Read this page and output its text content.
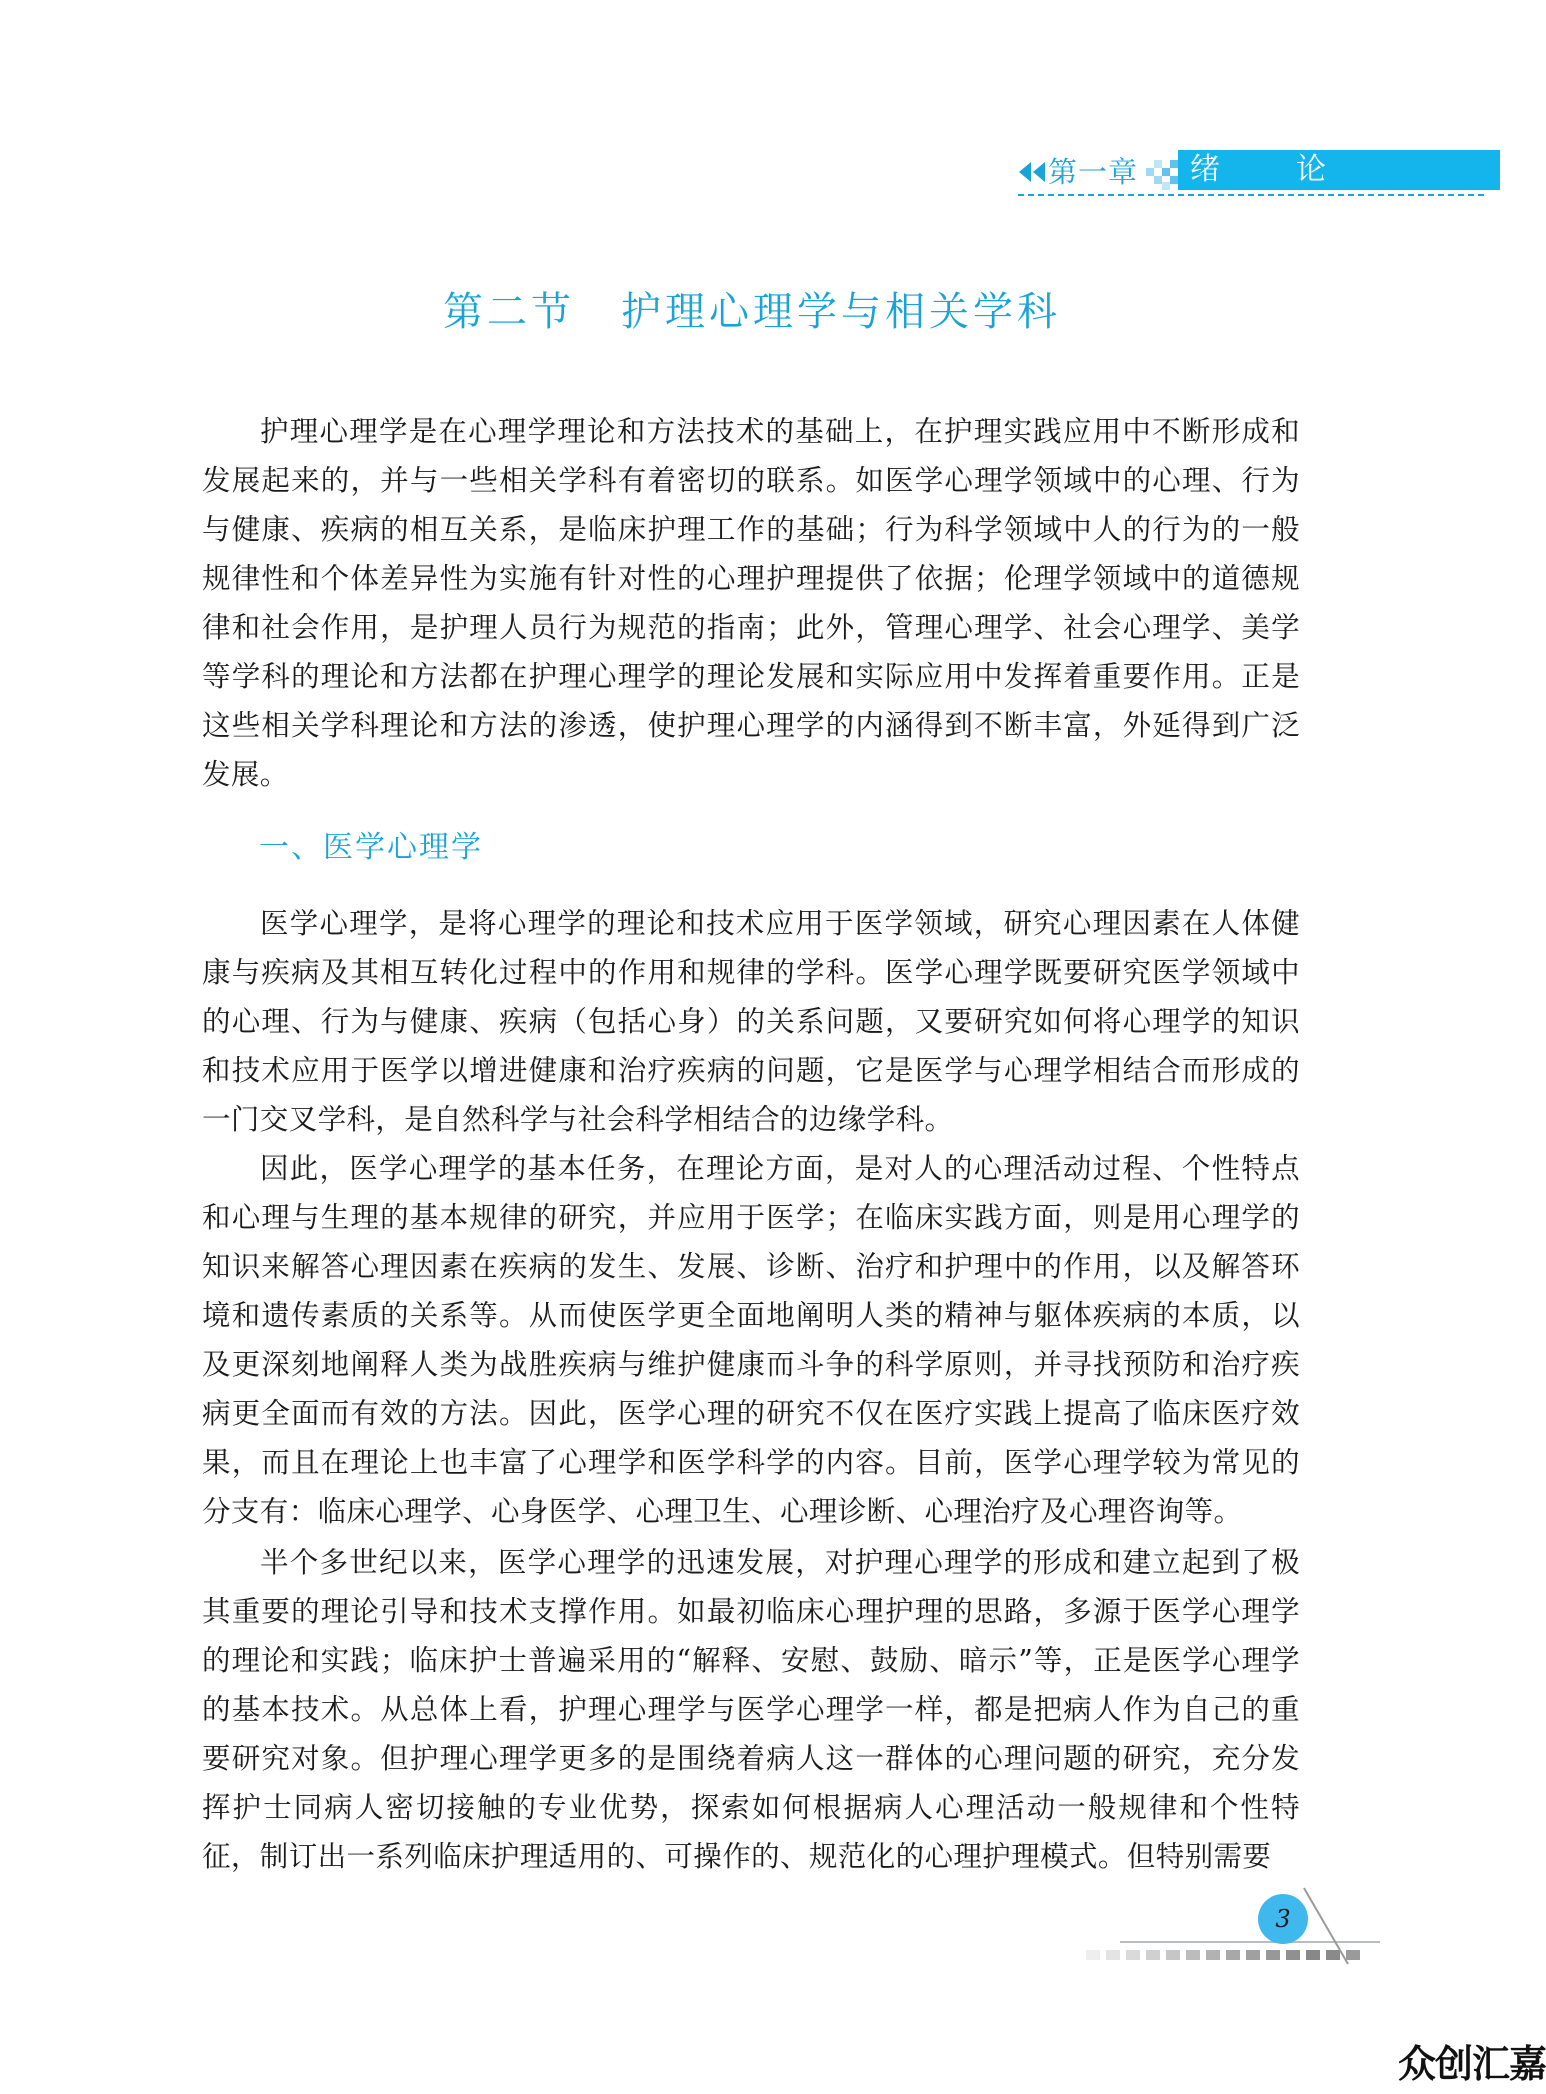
第一章 绪论
第二节 护理心理学与相关学科

护理心理学是在心理学理论和方法技术的基础上，在护理实践应用中不断形成和发展起来的，并与一些相关学科有着密切的联系。如医学心理学领域中的心理、行为与健康、疾病的相互关系，是临床护理工作的基础；行为科学领域中人的行为的一般规律性和个体差异性为实施有针对性的心理护理提供了依据；伦理学领域中的道德规律和社会作用，是护理人员行为规范的指南；此外，管理心理学、社会心理学、美学等学科的理论和方法都在护理心理学的理论发展和实际应用中发挥着重要作用。正是这些相关学科理论和方法的渗透，使护理心理学的内涵得到不断丰富，外延得到广泛发展。

一、医学心理学

医学心理学，是将心理学的理论和技术应用于医学领域，研究心理因素在人体健康与疾病及其相互转化过程中的作用和规律的学科。医学心理学既要研究医学领域中的心理、行为与健康、疾病（包括心身）的关系问题，又要研究如何将心理学的知识和技术应用于医学以增进健康和治疗疾病的问题，它是医学与心理学相结合而形成的一门交叉学科，是自然科学与社会科学相结合的边缘学科。

因此，医学心理学的基本任务，在理论方面，是对人的心理活动过程、个性特点和心理与生理的基本规律的研究，并应用于医学；在临床实践方面，则是用心理学的知识来解答心理因素在疾病的发生、发展、诊断、治疗和护理中的作用，以及解答环境和遗传素质的关系等。从而使医学更全面地阐明人类的精神与躯体疾病的本质，以及更深刻地阐释人类为战胜疾病与维护健康而斗争的科学原则，并寻找预防和治疗疾病更全面而有效的方法。因此，医学心理的研究不仅在医疗实践上提高了临床医疗效果，而且在理论上也丰富了心理学和医学科学的内容。目前，医学心理学较为常见的分支有：临床心理学、心身医学、心理卫生、心理诊断、心理治疗及心理咨询等。

半个多世纪以来，医学心理学的迅速发展，对护理心理学的形成和建立起到了极其重要的理论引导和技术支撑作用。如最初临床心理护理的思路，多源于医学心理学的理论和实践；临床护士普遍采用的“解释、安慰、鼓励、暗示”等，正是医学心理学的基本技术。从总体上看，护理心理学与医学心理学一样，都是把病人作为自己的重要研究对象。但护理心理学更多的是围绕着病人这一群体的心理问题的研究，充分发挥护士同病人密切接触的专业优势，探索如何根据病人心理活动一般规律和个性特征，制订出一系列临床护理适用的、可操作的、规范化的心理护理模式。但特别需要

3
众创汇嘉
